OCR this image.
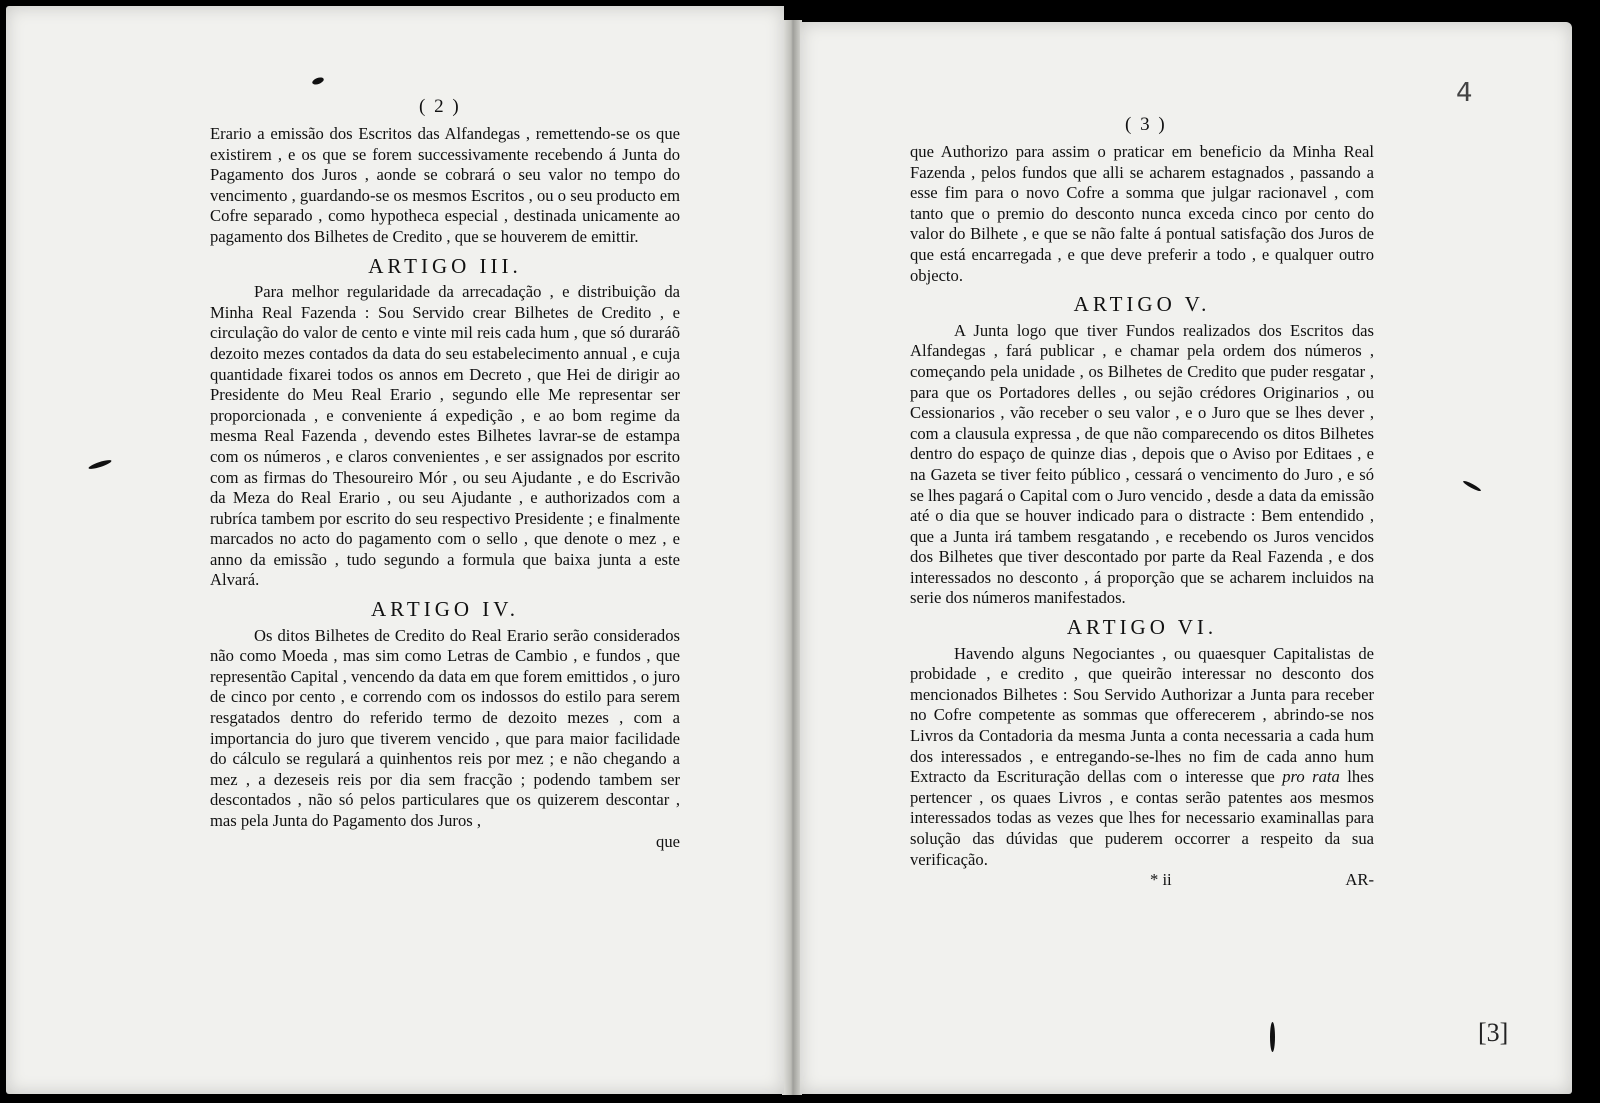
( 2 )
( 3 )

Erario a emissão dos Escritos das Alfandegas , remettendo-se os que existirem , e os que se forem successivamente recebendo á Junta do Pagamento dos Juros , aonde se cobrará o seu valor no tempo do vencimento , guardando-se os mesmos Escritos , ou o seu producto em Cofre separado , como hypotheca especial , destinada unicamente ao pagamento dos Bilhetes de Credito , que se houverem de emittir.

ARTIGO III.

Para melhor regularidade da arrecadação , e distribuição da Minha Real Fazenda : Sou Servido crear Bilhetes de Credito , e circulação do valor de cento e vinte mil reis cada hum , que só duraráõ dezoito mezes contados da data do seu estabelecimento annual , e cuja quantidade fixarei todos os annos em Decreto , que Hei de dirigir ao Presidente do Meu Real Erario , segundo elle Me representar ser proporcionada , e conveniente á expedição , e ao bom regime da mesma Real Fazenda , devendo estes Bilhetes lavrar-se de estampa com os números , e claros convenientes , e ser assignados por escrito com as firmas do Thesoureiro Mór , ou seu Ajudante , e do Escrivão da Meza do Real Erario , ou seu Ajudante , e authorizados com a rubríca tambem por escrito do seu respectivo Presidente ; e finalmente marcados no acto do pagamento com o sello , que denote o mez , e anno da emissão , tudo segundo a formula que baixa junta a este Alvará.

ARTIGO IV.

Os ditos Bilhetes de Credito do Real Erario serão considerados não como Moeda , mas sim como Letras de Cambio , e fundos , que representão Capital , vencendo da data em que forem emittidos , o juro de cinco por cento , e correndo com os indossos do estilo para serem resgatados dentro do referido termo de dezoito mezes , com a importancia do juro que tiverem vencido , que para maior facilidade do cálculo se regulará a quinhentos reis por mez ; e não chegando a mez , a dezeseis reis por dia sem fracção ; podendo tambem ser descontados , não só pelos particulares que os quizerem descontar , mas pela Junta do Pagamento dos Juros ,

que

que Authorizo para assim o praticar em beneficio da Minha Real Fazenda , pelos fundos que alli se acharem estagnados , passando a esse fim para o novo Cofre a somma que julgar racionavel , com tanto que o premio do desconto nunca exceda cinco por cento do valor do Bilhete , e que se não falte á pontual satisfação dos Juros de que está encarregada , e que deve preferir a todo , e qualquer outro objecto.

ARTIGO V.

A Junta logo que tiver Fundos realizados dos Escritos das Alfandegas , fará publicar , e chamar pela ordem dos números , começando pela unidade , os Bilhetes de Credito que puder resgatar , para que os Portadores delles , ou sejão crédores Originarios , ou Cessionarios , vão receber o seu valor , e o Juro que se lhes dever , com a clausula expressa , de que não comparecendo os ditos Bilhetes dentro do espaço de quinze dias , depois que o Aviso por Editaes , e na Gazeta se tiver feito público , cessará o vencimento do Juro , e só se lhes pagará o Capital com o Juro vencido , desde a data da emissão até o dia que se houver indicado para o distracte : Bem entendido , que a Junta irá tambem resgatando , e recebendo os Juros vencidos dos Bilhetes que tiver descontado por parte da Real Fazenda , e dos interessados no desconto , á proporção que se acharem incluidos na serie dos números manifestados.

ARTIGO VI.

Havendo alguns Negociantes , ou quaesquer Capitalistas de probidade , e credito , que queirão interessar no desconto dos mencionados Bilhetes : Sou Servido Authorizar a Junta para receber no Cofre competente as sommas que offerecerem , abrindo-se nos Livros da Contadoria da mesma Junta a conta necessaria a cada hum dos interessados , e entregando-se-lhes no fim de cada anno hum Extracto da Escrituração dellas com o interesse que pro rata lhes pertencer , os quaes Livros , e contas serão patentes aos mesmos interessados todas as vezes que lhes for necessario examinallas para solução das dúvidas que puderem occorrer a respeito da sua verificação.

* ii	AR-
4
[3]
